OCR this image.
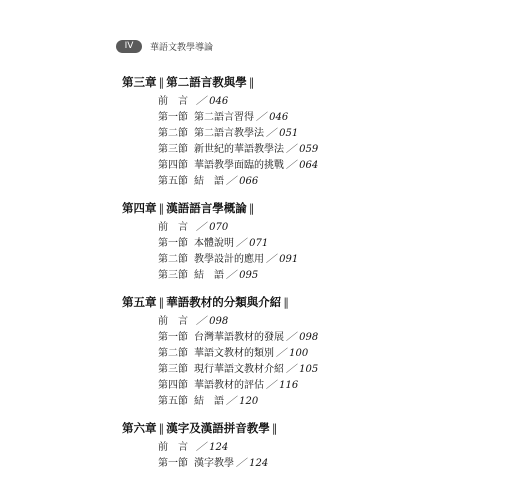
IV	華語文教學導論
第三章 ‖ 第二語言教與學 ‖
前　言 ／ 046
第一節 第二語言習得 ／ 046
第二節 第二語言教學法 ／ 051
第三節 新世紀的華語教學法 ／ 059
第四節 華語教學面臨的挑戰 ／ 064
第五節 結　語 ／ 066
第四章 ‖ 漢語語言學概論 ‖
前　言 ／ 070
第一節 本體說明 ／ 071
第二節 教學設計的應用 ／ 091
第三節 結　語 ／ 095
第五章 ‖ 華語教材的分類與介紹 ‖
前　言 ／ 098
第一節 台灣華語教材的發展 ／ 098
第二節 華語文教材的類別 ／ 100
第三節 現行華語文教材介紹 ／ 105
第四節 華語教材的評估 ／ 116
第五節 結　語 ／ 120
第六章 ‖ 漢字及漢語拼音教學 ‖
前　言 ／ 124
第一節 漢字教學 ／ 124
